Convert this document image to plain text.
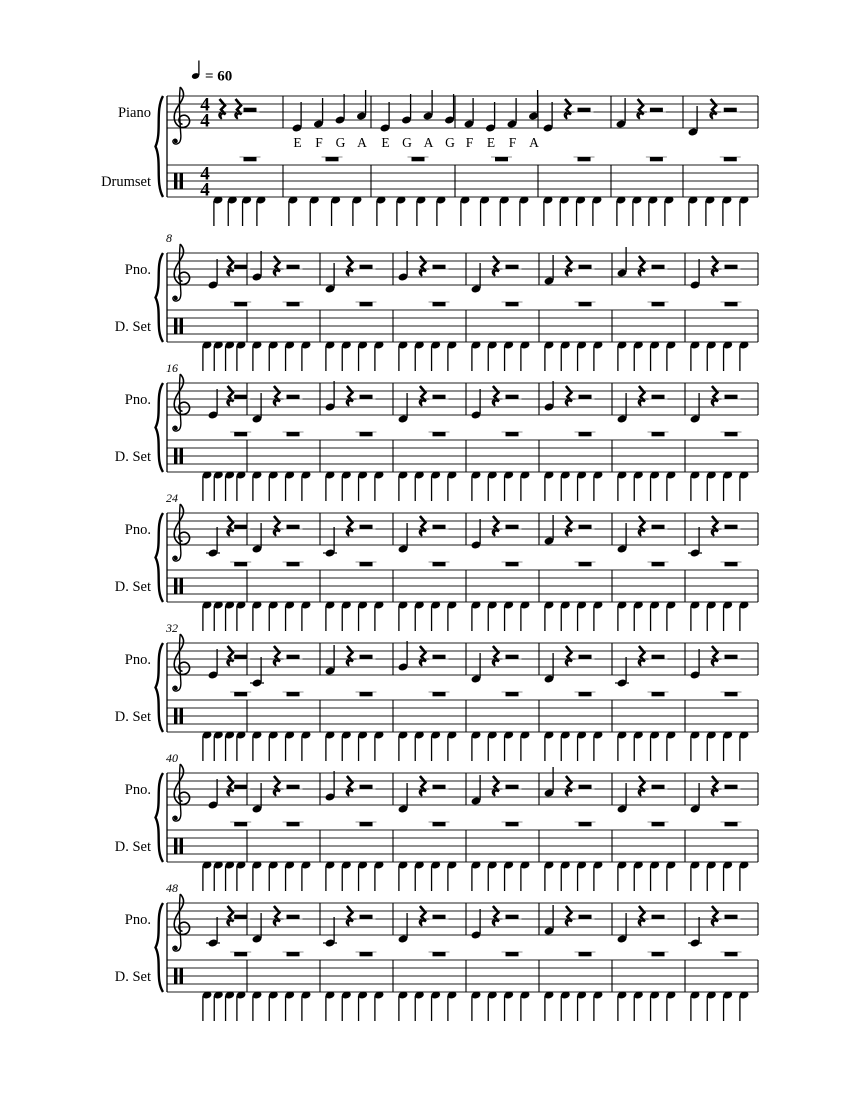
Piano
Drumset
4
4
4
4
= 60
E F G A E G A G F E F A
Pno.
D. Set
8
Pno.
D. Set
16
Pno.
D. Set
24
Pno.
D. Set
32
Pno.
D. Set
40
Pno.
D. Set
48
